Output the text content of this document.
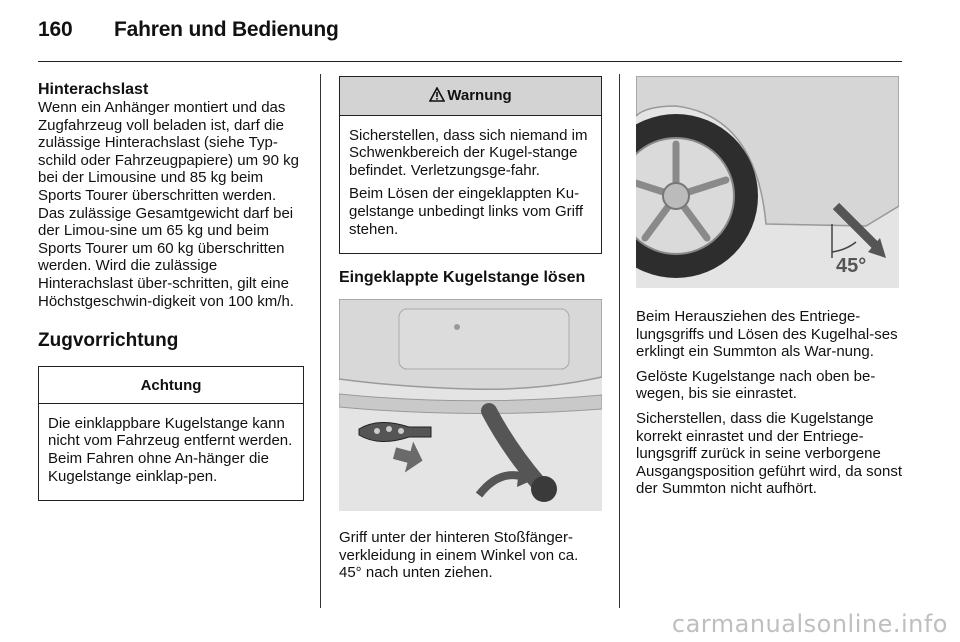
160 Fahren und Bedienung
Hinterachslast

Wenn ein Anhänger montiert und das Zugfahrzeug voll beladen ist, darf die zulässige Hinterachslast (siehe Typ-schild oder Fahrzeugpapiere) um 90 kg bei der Limousine und 85 kg beim Sports Tourer überschritten werden. Das zulässige Gesamtgewicht darf bei der Limou-sine um 65 kg und beim Sports Tourer um 60 kg überschritten werden. Wird die zulässige Hinterachslast über-schritten, gilt eine Höchstgeschwin-digkeit von 100 km/h.

Zugvorrichtung
Achtung

Die einklappbare Kugelstange kann nicht vom Fahrzeug entfernt werden. Beim Fahren ohne An-hänger die Kugelstange einklap-pen.

Warnung

Sicherstellen, dass sich niemand im Schwenkbereich der Kugel-stange befindet. Verletzungsge-fahr.

Beim Lösen der eingeklappten Ku-gelstange unbedingt links vom Griff stehen.

Eingeklappte Kugelstange lösen

Griff unter der hinteren Stoßfänger-verkleidung in einem Winkel von ca. 45° nach unten ziehen.

45°

Beim Herausziehen des Entriege-lungsgriffs und Lösen des Kugelhal-ses erklingt ein Summton als War-nung.

Gelöste Kugelstange nach oben be-wegen, bis sie einrastet.

Sicherstellen, dass die Kugelstange korrekt einrastet und der Entriege-lungsgriff zurück in seine verborgene Ausgangsposition geführt wird, da sonst der Summton nicht aufhört.

carmanualsonline.info
